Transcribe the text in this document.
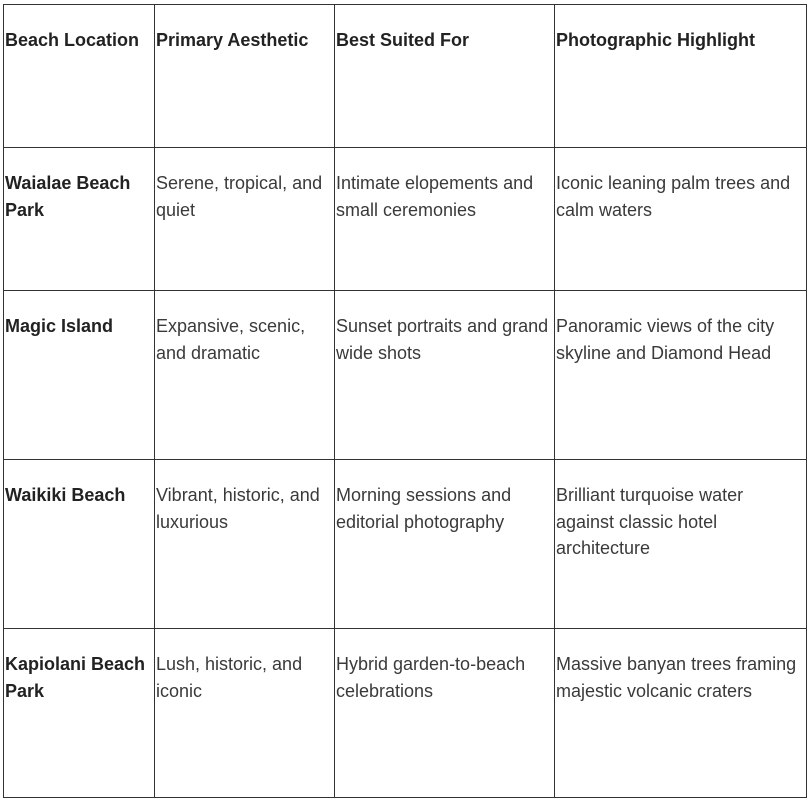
Beach Location	Primary Aesthetic	Best Suited For	Photographic Highlight
Waialae Beach Park	Serene, tropical, and quiet	Intimate elopements and small ceremonies	Iconic leaning palm trees and calm waters
Magic Island	Expansive, scenic, and dramatic	Sunset portraits and grand wide shots	Panoramic views of the city skyline and Diamond Head
Waikiki Beach	Vibrant, historic, and luxurious	Morning sessions and editorial photography	Brilliant turquoise water against classic hotel architecture
Kapiolani Beach Park	Lush, historic, and iconic	Hybrid garden-to-beach celebrations	Massive banyan trees framing majestic volcanic craters
